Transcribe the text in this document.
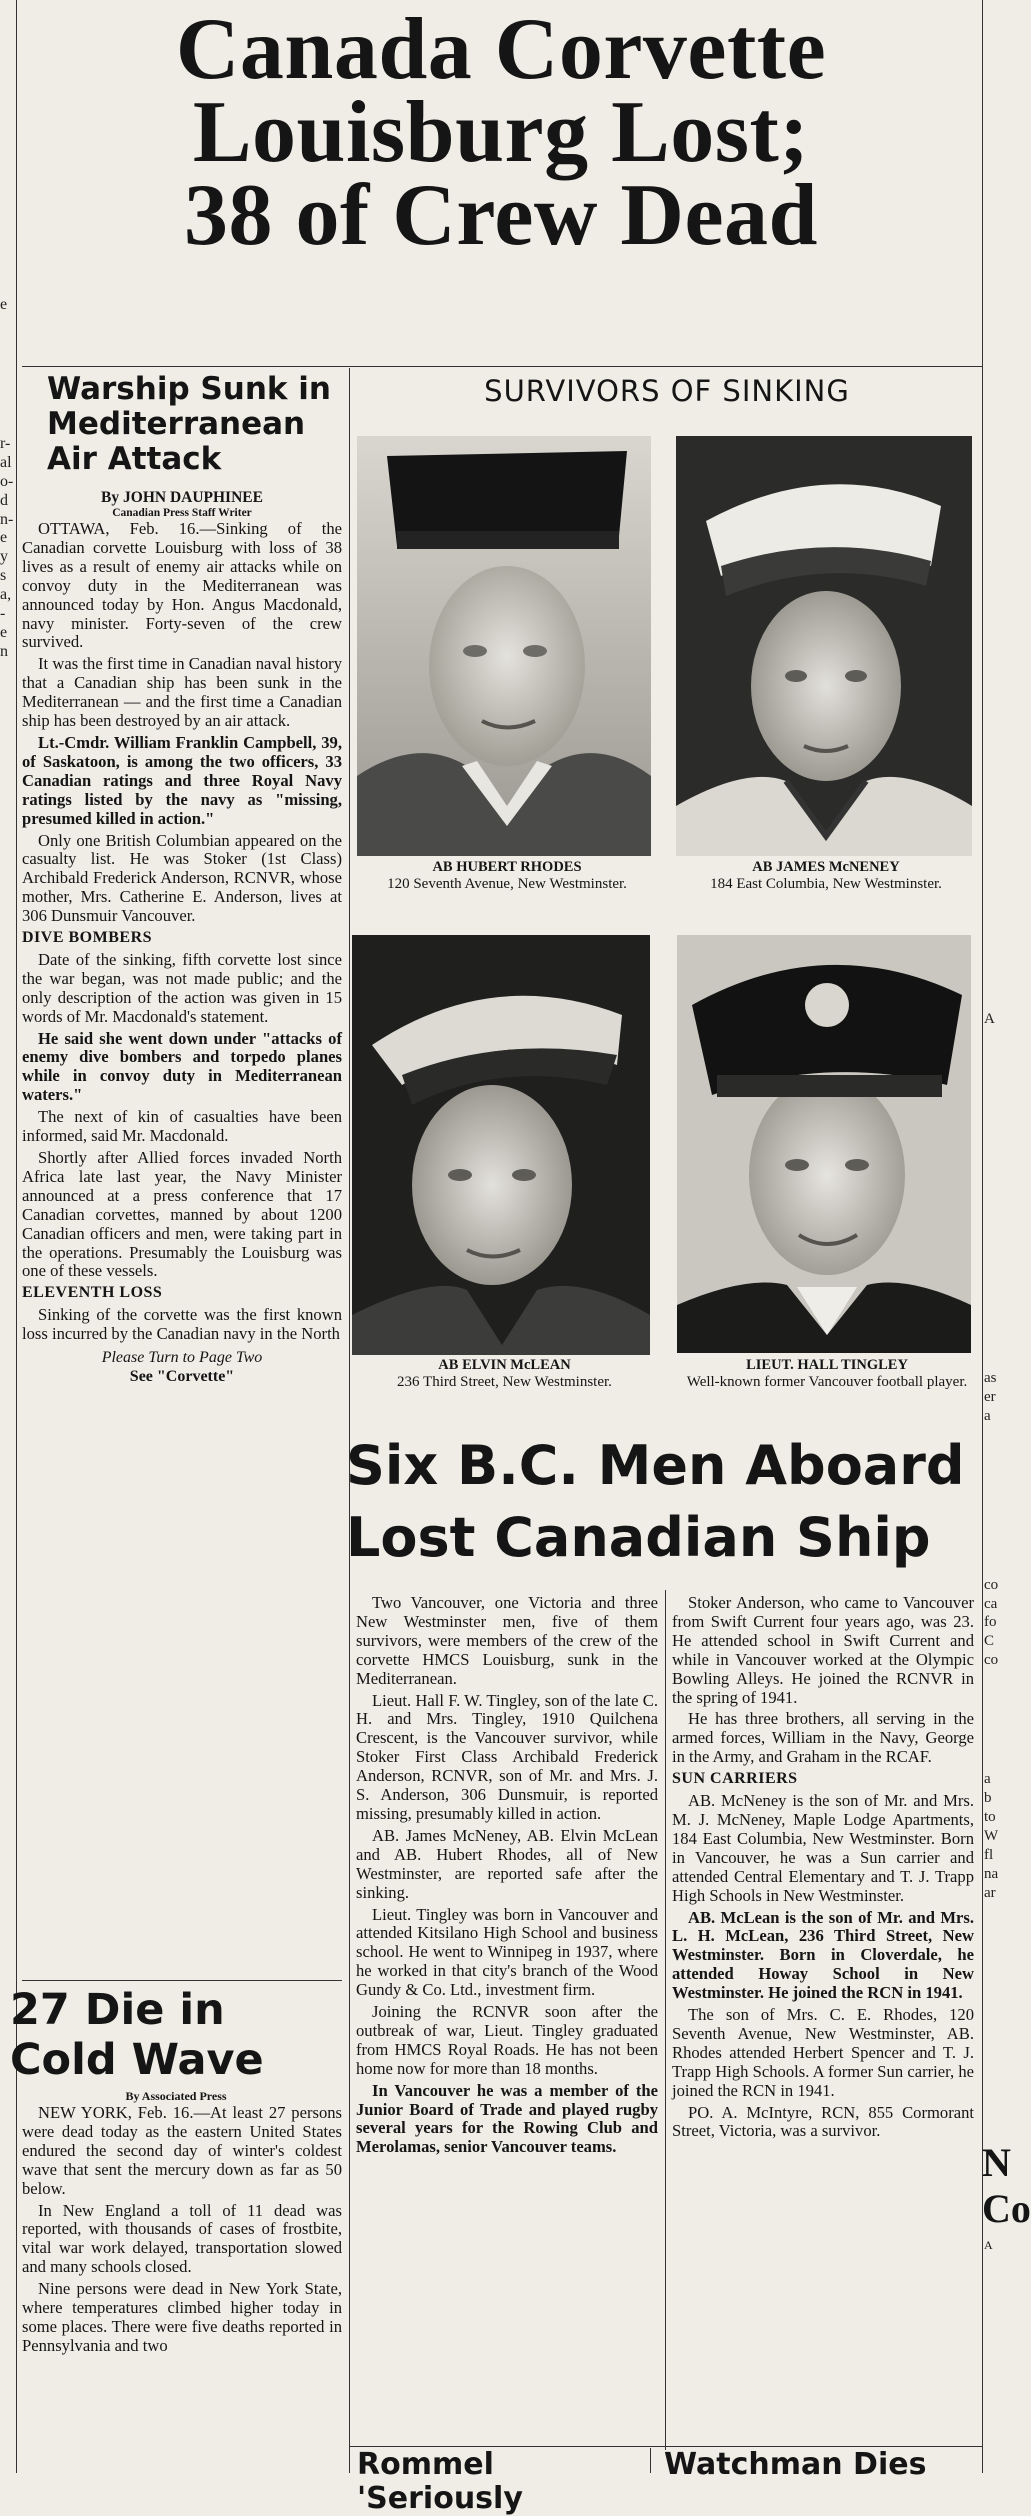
Canada Corvette
Louisburg Lost;
38 of Crew Dead
e
r-
al
o-
d
n-
e
y
s
a,
-
e
n
A
as
er
a
co
ca
fo
C
co
a
b
to
W
fl
na
ar
N
Co
A
Warship Sunk in
Mediterranean
Air Attack
By JOHN DAUPHINEE
Canadian Press Staff Writer

OTTAWA, Feb. 16.—Sinking of the Canadian corvette Louisburg with loss of 38 lives as a result of enemy air attacks while on convoy duty in the Mediterranean was announced today by Hon. Angus Macdonald, navy minister. Forty-seven of the crew survived.

It was the first time in Canadian naval history that a Canadian ship has been sunk in the Mediterranean — and the first time a Canadian ship has been destroyed by an air attack.

Lt.-Cmdr. William Franklin Campbell, 39, of Saskatoon, is among the two officers, 33 Canadian ratings and three Royal Navy ratings listed by the navy as "missing, presumed killed in action."

Only one British Columbian appeared on the casualty list. He was Stoker (1st Class) Archibald Frederick Anderson, RCNVR, whose mother, Mrs. Catherine E. Anderson, lives at 306 Dunsmuir Vancouver.

DIVE BOMBERS

Date of the sinking, fifth corvette lost since the war began, was not made public; and the only description of the action was given in 15 words of Mr. Macdonald's statement.

He said she went down under "attacks of enemy dive bombers and torpedo planes while in convoy duty in Mediterranean waters."

The next of kin of casualties have been informed, said Mr. Macdonald.

Shortly after Allied forces invaded North Africa late last year, the Navy Minister announced at a press conference that 17 Canadian corvettes, manned by about 1200 Canadian officers and men, were taking part in the operations. Presumably the Louisburg was one of these vessels.

ELEVENTH LOSS

Sinking of the corvette was the first known loss incurred by the Canadian navy in the North

Please Turn to Page Two
See "Corvette"
27 Die in
Cold Wave
By Associated Press

NEW YORK, Feb. 16.—At least 27 persons were dead today as the eastern United States endured the second day of winter's coldest wave that sent the mercury down as far as 50 below.

In New England a toll of 11 dead was reported, with thousands of cases of frostbite, vital war work delayed, transportation slowed and many schools closed.

Nine persons were dead in New York State, where temperatures climbed higher today in some places. There were five deaths reported in Pennsylvania and two

SURVIVORS OF SINKING
AB HUBERT RHODES
120 Seventh Avenue, New Westminster.
AB JAMES McNENEY
184 East Columbia, New Westminster.
AB ELVIN McLEAN
236 Third Street, New Westminster.
LIEUT. HALL TINGLEY
Well-known former Vancouver football player.
Six B.C. Men Aboard
Lost Canadian Ship

Two Vancouver, one Victoria and three New Westminster men, five of them survivors, were members of the crew of the corvette HMCS Louisburg, sunk in the Mediterranean.

Lieut. Hall F. W. Tingley, son of the late C. H. and Mrs. Tingley, 1910 Quilchena Crescent, is the Vancouver survivor, while Stoker First Class Archibald Frederick Anderson, RCNVR, son of Mr. and Mrs. J. S. Anderson, 306 Dunsmuir, is reported missing, presumably killed in action.

AB. James McNeney, AB. Elvin McLean and AB. Hubert Rhodes, all of New Westminster, are reported safe after the sinking.

Lieut. Tingley was born in Vancouver and attended Kitsilano High School and business school. He went to Winnipeg in 1937, where he worked in that city's branch of the Wood Gundy & Co. Ltd., investment firm.

Joining the RCNVR soon after the outbreak of war, Lieut. Tingley graduated from HMCS Royal Roads. He has not been home now for more than 18 months.

In Vancouver he was a member of the Junior Board of Trade and played rugby several years for the Rowing Club and Merolamas, senior Vancouver teams.

Stoker Anderson, who came to Vancouver from Swift Current four years ago, was 23. He attended school in Swift Current and while in Vancouver worked at the Olympic Bowling Alleys. He joined the RCNVR in the spring of 1941.

He has three brothers, all serving in the armed forces, William in the Navy, George in the Army, and Graham in the RCAF.

SUN CARRIERS

AB. McNeney is the son of Mr. and Mrs. M. J. McNeney, Maple Lodge Apartments, 184 East Columbia, New Westminster. Born in Vancouver, he was a Sun carrier and attended Central Elementary and T. J. Trapp High Schools in New Westminster.

AB. McLean is the son of Mr. and Mrs. L. H. McLean, 236 Third Street, New Westminster. Born in Cloverdale, he attended Howay School in New Westminster. He joined the RCN in 1941.

The son of Mrs. C. E. Rhodes, 120 Seventh Avenue, New Westminster, AB. Rhodes attended Herbert Spencer and T. J. Trapp High Schools. A former Sun carrier, he joined the RCN in 1941.

PO. A. McIntyre, RCN, 855 Cormorant Street, Victoria, was a survivor.

Rommel 'Seriously
Watchman Dies
